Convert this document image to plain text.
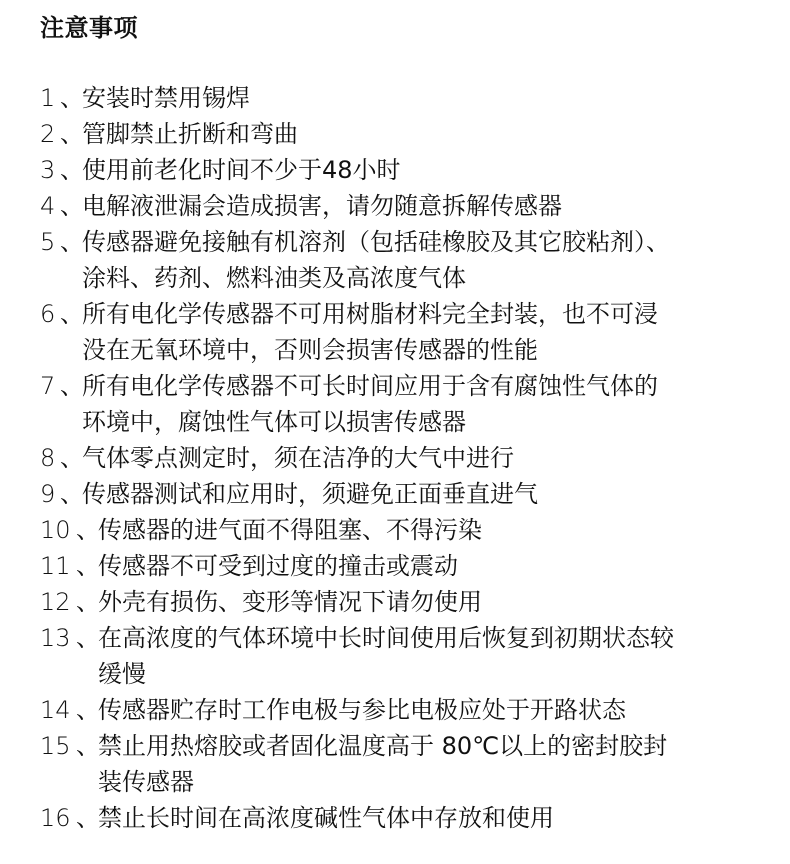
注意事项
1 、
安装时禁用锡焊
2 、
管脚禁止折断和弯曲
3 、
使用前老化时间不少于48小时
4 、
电解液泄漏会造成损害，请勿随意拆解传感器
5 、
传感器避免接触有机溶剂（包括硅橡胶及其它胶粘剂）、
涂料、药剂、燃料油类及高浓度气体
6 、
所有电化学传感器不可用树脂材料完全封装，也不可浸
没在无氧环境中，否则会损害传感器的性能
7 、
所有电化学传感器不可长时间应用于含有腐蚀性气体的
环境中，腐蚀性气体可以损害传感器
8 、
气体零点测定时，须在洁净的大气中进行
9 、
传感器测试和应用时，须避免正面垂直进气
10 、
传感器的进气面不得阻塞、不得污染
11 、
传感器不可受到过度的撞击或震动
12 、
外壳有损伤、变形等情况下请勿使用
13 、
在高浓度的气体环境中长时间使用后恢复到初期状态较
缓慢
14 、
传感器贮存时工作电极与参比电极应处于开路状态
15 、
禁止用热熔胶或者固化温度高于 80℃以上的密封胶封
装传感器
16 、
禁止长时间在高浓度碱性气体中存放和使用
